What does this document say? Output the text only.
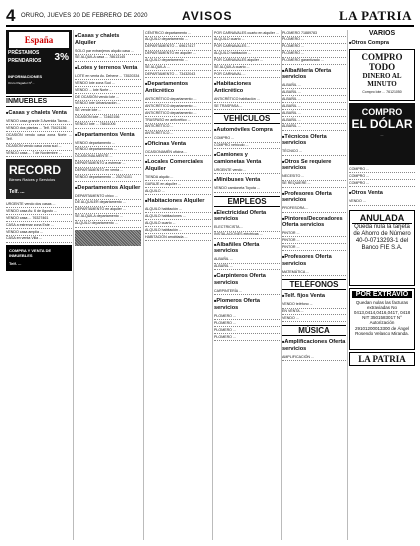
4 ORURO, JUEVES 20 DE FEBRERO DE 2020	AVISOS	LA PATRIA
España
PRÉSTAMOS
PRENDARIOS 3%
INFORMACIONES
Oruro Pagador Nº...
INMUEBLES
■ Casas y chalets Venta
VENDO casa grande 3 Avenida Tacna...
VENDO dos plantas ... Telf. 75421136
OCASIÓN vendo casa zona Norte ... Telf.
OCASIÓN vendo casa zona sud ...
VENDO casa ... 7 de Noviembre ...
RECORD
Bienes Raíces y Servicios
Telf. ...
URGENTE vendo dos casas ...
VENDO casa Av. 6 de Agosto ...
VENDO casa ... 76327461
CASA a estrenar zona Este ...
VENDO casa amplia ...
CASA en venta Villa ...
COMPRA Y VENTA DE INMUEBLES
Telf. ...
■ Casas y chalets Alquiler
SOLO par extranjeros alquilo casa ...
SE ALQUILA casa ... 78613145
■ Lotes y terrenos Venta
LOTE en venta Av. Dehene ... 73520334
VENDO lote zona Sud ...
VENDO ... lote Norte ...
DE OCASIÓN vendo lote ...
VENDO lote Urbanización ...
SE vende lote ...
OCASIÓN lote ... 72462156
VENDO lote ... 78461006
■ Departamentos Venta
VENDO departamento ...
VENDO departamentos ...
OCASIONALMENTE ...
DEPARTAMENTO a estrenar ...
DEPARTAMENTO en venta ...
VENDO departamento ... 25274101
■ Departamentos Alquiler
DEPARTAMENTO chico ...
DE ALQUILER departamento ...
DEPARTAMENTO en alquiler ...
SE ALQUILA departamento ...
ALQUILO departamento ...
CÉNTRICO departamento ...
ALQUILO departamento ...
DEPARTAMENTO ... 69617417
DEPARTAMENTO en alquiler ...
ALQUILO departamento ...
SE ALQUILA ...
DEPARTAMENTO ... 73432043
■ Departamentos Anticrético
ANTICRÉTICO departamento ...
ANTICRÉTICO departamento ...
ANTICRÉTICO departamento ...
TRASPASO en anticrético ...
ANTICRÉTICO ...
ANTICRÉTICO ...
■ Oficinas Venta
OCASIONAMÉN oficina ...
■ Locales Comerciales Alquiler
TIENDA alquilo ...
GARAJE en alquiler ...
ALQUILO ...
■ Habitaciones Alquiler
ALQUILO habitación ...
ALQUILO habitaciones ...
ALQUILO cuarto ...
ALQUILO habitación ...
HABITACIÓN amoblada ...
POR CARNAVALES cuarto en alquiler ...
ALQUILO cuarto ...
POR CARNAVALES ...
ALQUILO habitación ...
POR CARNAVALES alquiler ...
SE ALQUILA cuarto ...
POR CARNAVAL ...
■ Habitaciones Anticrético
ANTICRÉTICO habitación ...
SE TRASPASA ...
VEHÍCULOS
■ Automóviles Compra
COMPRO ...
COMPRO vehículo ...
■ Camiones y camionetas Venta
URGENTE vendo ...
■ Minibuses Venta
VENDO camioneta Toyota ...
EMPLEOS
■ Electricidad Oferta servicios
ELECTRICISTA ...
INSTALACIONES eléctricas ...
■ Albañiles Oferta servicios
ALBAÑIL ...
ALBAÑIL ...
■ Carpinteros Oferta servicios
CARPINTERÍA ...
■ Plomeros Oferta servicios
PLOMERO ...
PLOMERO ...
PLOMERO ...
PLOMERO ...
PLOMERO 71889783
PLOMERO ...
PLOMERO ...
PLOMERO ...
PLOMERO garantizado ...
■ Albañilería Oferta servicios
ALBAÑIL ...
ALBAÑIL ...
ALBAÑIL ...
ALBAÑIL ...
ALBAÑIL ...
ALBAÑIL ...
ALBAÑIL ...
■ Técnicos Oferta servicios
TÉCNICO ...
■ Otros Se requiere servicios
NECESITO ...
SE REQUIERE ...
■ Profesores Oferta servicios
PROFESORA ...
■ Pintores/Decoradores Oferta servicios
PINTOR ...
PINTOR ...
PINTOR ...
■ Profesores Oferta servicios
MATEMÁTICA ...
TELÉFONOS
■ Telf. fijos Venta
VENDO teléfono ...
EN VENTA ...
VENDO ...
MÚSICA
■ Amplificaciones Oferta servicios
AMPLIFICACIÓN ...
VARIOS
■ Otros Compra
COMPRO TODO
DINERO AL MINUTO
Compro lote ... 76121050
COMPRO
EL DÓLAR
...
COMPRO ...
COMPRO ...
COMPRO ...
■ Otros Venta
VENDO ...
ANULADA
Queda nula la tarjeta de Ahorro de Número 40-0-0713293-1 del Banco FIE S.A.
POR EXTRAVÍO
Quedan nulas las facturas extraviadas No 0413,0414,0416,0417, 0418 NIT 3501583017 N° Autorización 29101200013300 de Ángel Rosendo Velasco Miranda.
LA PATRIA
